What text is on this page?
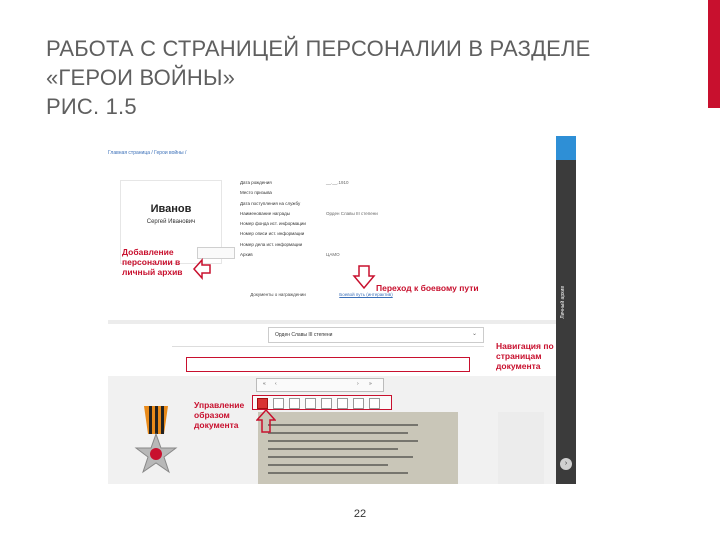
РАБОТА С СТРАНИЦЕЙ ПЕРСОНАЛИИ В РАЗДЕЛЕ
«ГЕРОИ ВОЙНЫ»
РИС. 1.5
Личный архив
›
Главная страница / Герои войны /
Иванов
Сергей Иванович
Дата рождения	__.__.1910
Место призыва
Дата поступления на службу
Наименование награды	Орден Славы III степени
Номер фонда ист. информации
Номер описи ист. информации
Номер дела ист. информации
Архив	ЦАМО
Документы о награждении	Боевой путь (интерактив)
Орден Славы III степени	⌄
« ‹	› »
Добавление персоналии в личный архив
Переход к боевому пути
Навигация по страницам документа
Управление образом документа
22
